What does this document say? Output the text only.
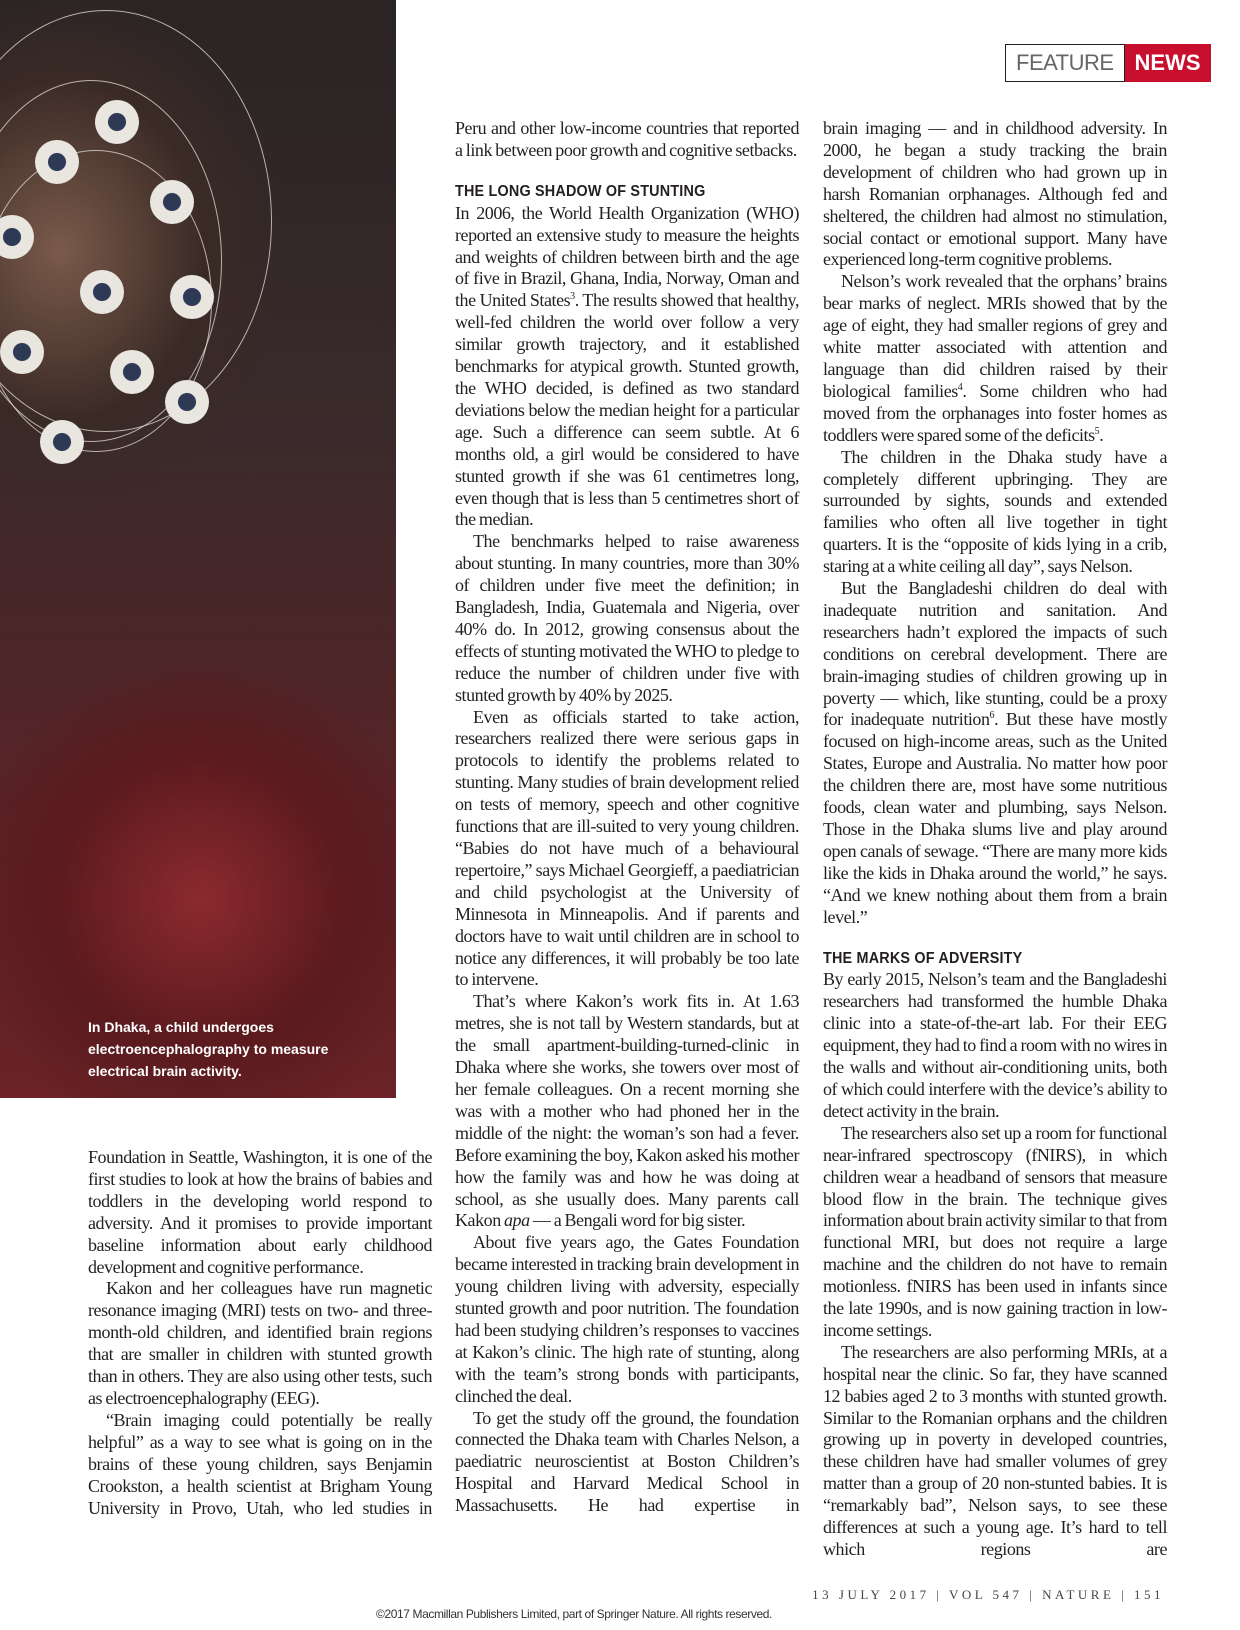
In Dhaka, a child undergoes electroencephalography to measure electrical brain activity.
FEATURE NEWS

Foundation in Seattle, Washington, it is one of the first studies to look at how the brains of babies and toddlers in the developing world respond to adversity. And it promises to provide important baseline information about early childhood development and cognitive performance.

Kakon and her colleagues have run magnetic resonance imaging (MRI) tests on two- and three-month-old children, and identified brain regions that are smaller in children with stunted growth than in others. They are also using other tests, such as electroencephalography (EEG).

“Brain imaging could potentially be really helpful” as a way to see what is going on in the brains of these young children, says Benjamin Crookston, a health scientist at Brigham Young University in Provo, Utah, who led studies in

Peru and other low-income countries that reported a link between poor growth and cognitive setbacks.

THE LONG SHADOW OF STUNTING

In 2006, the World Health Organization (WHO) reported an extensive study to measure the heights and weights of children between birth and the age of five in Brazil, Ghana, India, Norway, Oman and the United States$^3$. The results showed that healthy, well-fed children the world over follow a very similar growth trajectory, and it established benchmarks for atypical growth. Stunted growth, the WHO decided, is defined as two standard deviations below the median height for a particular age. Such a difference can seem subtle. At 6 months old, a girl would be considered to have stunted growth if she was 61 centimetres long, even though that is less than 5 centimetres short of the median.

The benchmarks helped to raise awareness about stunting. In many countries, more than 30% of children under five meet the definition; in Bangladesh, India, Guatemala and Nigeria, over 40% do. In 2012, growing consensus about the effects of stunting motivated the WHO to pledge to reduce the number of children under five with stunted growth by 40% by 2025.

Even as officials started to take action, researchers realized there were serious gaps in protocols to identify the problems related to stunting. Many studies of brain development relied on tests of memory, speech and other cognitive functions that are ill-suited to very young children. “Babies do not have much of a behavioural repertoire,” says Michael Georgieff, a paediatrician and child psychologist at the University of Minnesota in Minneapolis. And if parents and doctors have to wait until children are in school to notice any differences, it will probably be too late to intervene.

That’s where Kakon’s work fits in. At 1.63 metres, she is not tall by Western standards, but at the small apartment-building-turned-clinic in Dhaka where she works, she towers over most of her female colleagues. On a recent morning she was with a mother who had phoned her in the middle of the night: the woman’s son had a fever. Before examining the boy, Kakon asked his mother how the family was and how he was doing at school, as she usually does. Many parents call Kakon apa — a Bengali word for big sister.

About five years ago, the Gates Foundation became interested in tracking brain development in young children living with adversity, especially stunted growth and poor nutrition. The foundation had been studying children’s responses to vaccines at Kakon’s clinic. The high rate of stunting, along with the team’s strong bonds with participants, clinched the deal.

To get the study off the ground, the foundation connected the Dhaka team with Charles Nelson, a paediatric neuroscientist at Boston Children’s Hospital and Harvard Medical School in Massachusetts. He had expertise in

brain imaging — and in childhood adversity. In 2000, he began a study tracking the brain development of children who had grown up in harsh Romanian orphanages. Although fed and sheltered, the children had almost no stimulation, social contact or emotional support. Many have experienced long-term cognitive problems.

Nelson’s work revealed that the orphans’ brains bear marks of neglect. MRIs showed that by the age of eight, they had smaller regions of grey and white matter associated with attention and language than did children raised by their biological families$^4$. Some children who had moved from the orphanages into foster homes as toddlers were spared some of the deficits$^5$.

The children in the Dhaka study have a completely different upbringing. They are surrounded by sights, sounds and extended families who often all live together in tight quarters. It is the “opposite of kids lying in a crib, staring at a white ceiling all day”, says Nelson.

But the Bangladeshi children do deal with inadequate nutrition and sanitation. And researchers hadn’t explored the impacts of such conditions on cerebral development. There are brain-imaging studies of children growing up in poverty — which, like stunting, could be a proxy for inadequate nutrition$^6$. But these have mostly focused on high-income areas, such as the United States, Europe and Australia. No matter how poor the children there are, most have some nutritious foods, clean water and plumbing, says Nelson. Those in the Dhaka slums live and play around open canals of sewage. “There are many more kids like the kids in Dhaka around the world,” he says. “And we knew nothing about them from a brain level.”

THE MARKS OF ADVERSITY

By early 2015, Nelson’s team and the Bangladeshi researchers had transformed the humble Dhaka clinic into a state-of-the-art lab. For their EEG equipment, they had to find a room with no wires in the walls and without air-conditioning units, both of which could interfere with the device’s ability to detect activity in the brain.

The researchers also set up a room for functional near-infrared spectroscopy (fNIRS), in which children wear a headband of sensors that measure blood flow in the brain. The technique gives information about brain activity similar to that from functional MRI, but does not require a large machine and the children do not have to remain motionless. fNIRS has been used in infants since the late 1990s, and is now gaining traction in low-income settings.

The researchers are also performing MRIs, at a hospital near the clinic. So far, they have scanned 12 babies aged 2 to 3 months with stunted growth. Similar to the Romanian orphans and the children growing up in poverty in developed countries, these children have had smaller volumes of grey matter than a group of 20 non-stunted babies. It is “remarkably bad”, Nelson says, to see these differences at such a young age. It’s hard to tell which regions are

13 JULY 2017 | VOL 547 | NATURE | 151
©2017 Macmillan Publishers Limited, part of Springer Nature. All rights reserved.
